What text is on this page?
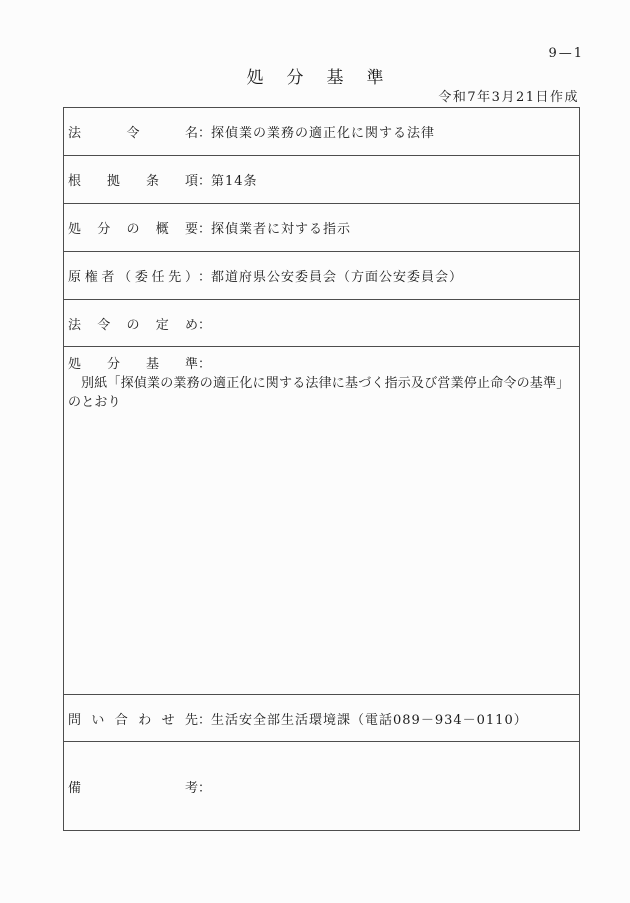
9—1
処分基準
令和7年3月21日作成
法令名 ： 探偵業の業務の適正化に関する法律
根拠条項 ： 第14条
処分の概要 ： 探偵業者に対する指示
原権者（委任先） ： 都道府県公安委員会（方面公安委員会）
法令の定め ：
処分基準：
別紙「探偵業の業務の適正化に関する法律に基づく指示及び営業停止命令の基準」
のとおり
問い合わせ先 ： 生活安全部生活環境課（電話089－934－0110）
備考 ：
